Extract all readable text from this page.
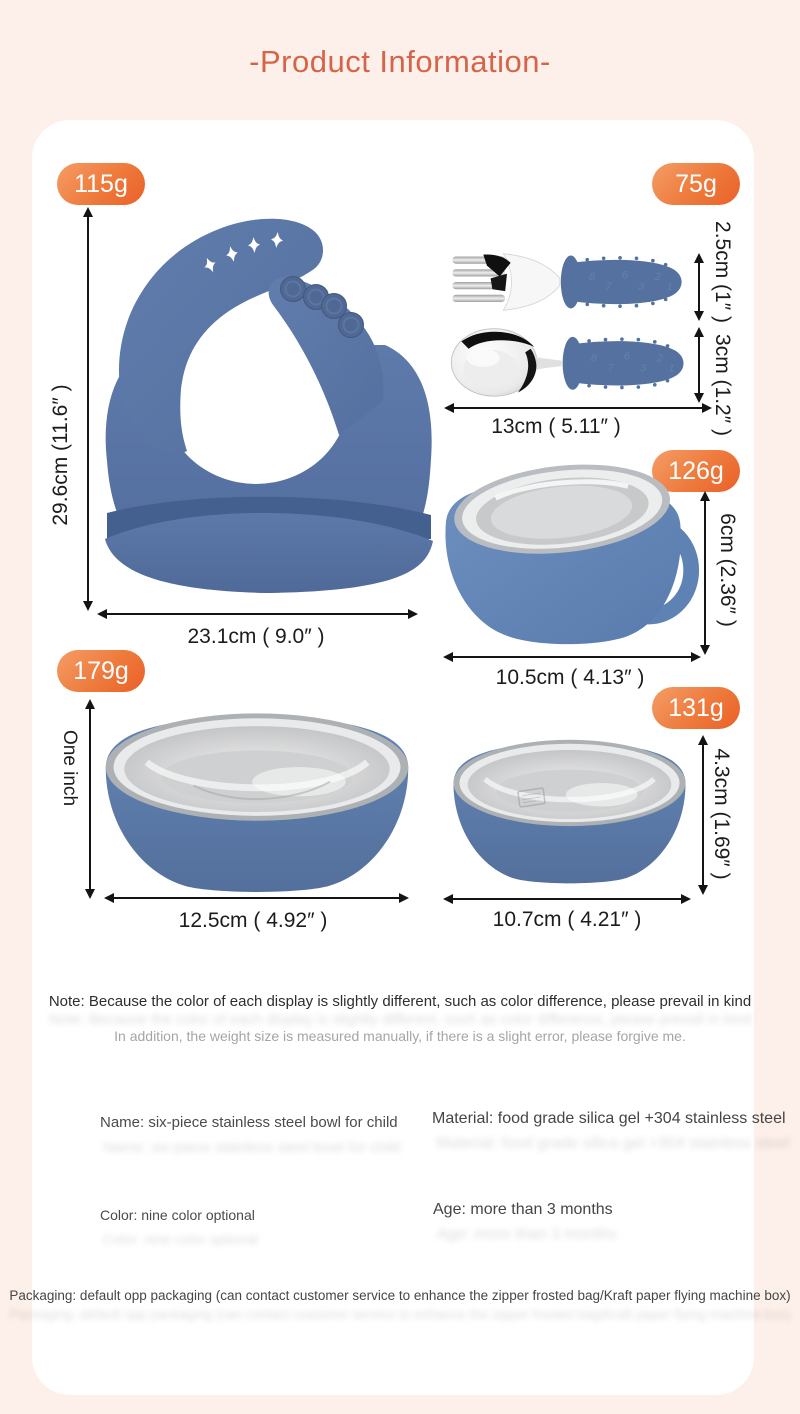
-Product Information-
115g	75g
126g
179g
131g
8
7
6
3
2
1
8
7
6
3
2
1
29.6cm (11.6″ )
23.1cm ( 9.0″ )
2.5cm (1″ )
3cm (1.2″ )
13cm ( 5.11″ )
6cm (2.36″ )
10.5cm ( 4.13″ )
One inch
12.5cm ( 4.92″ )
4.3cm (1.69″ )
10.7cm ( 4.21″ )
Note: Because the color of each display is slightly different, such as color difference, please prevail in kind
Note: Because the color of each display is slightly different, such as color difference, please prevail in kind
In addition, the weight size is measured manually, if there is a slight error, please forgive me.
Name: six-piece stainless steel bowl for child
Name: six-piece stainless steel bowl for child
Material: food grade silica gel +304 stainless steel
Material: food grade silica gel +304 stainless steel
Color: nine color optional
Color: nine color optional
Age: more than 3 months
Age: more than 3 months
Packaging: default opp packaging (can contact customer service to enhance the zipper frosted bag/Kraft paper flying machine box)
Packaging: default opp packaging (can contact customer service to enhance the zipper frosted bag/Kraft paper flying machine box)
